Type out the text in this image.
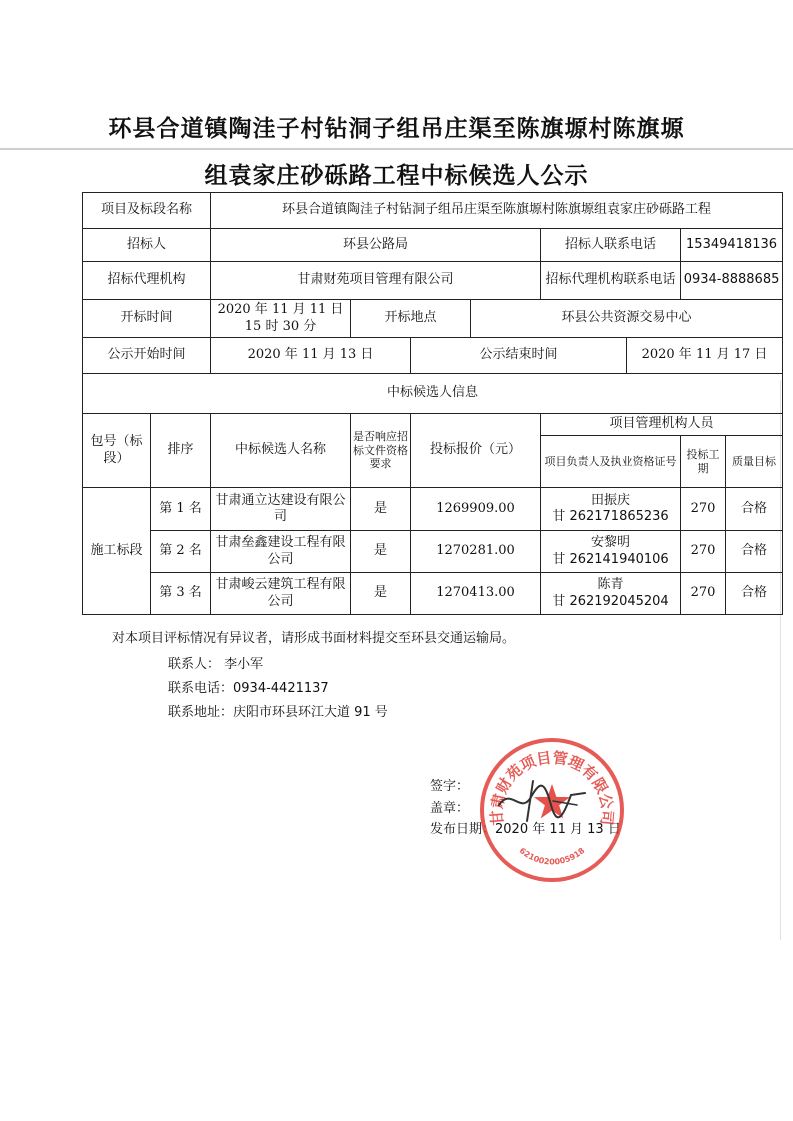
环县合道镇陶洼子村钻洞子组吊庄渠至陈旗塬村陈旗塬
组袁家庄砂砾路工程中标候选人公示
项目及标段名称		环县合道镇陶洼子村钻洞子组吊庄渠至陈旗塬村陈旗塬组袁家庄砂砾路工程							
招标人		环县公路局				招标人联系电话		15349418136	
招标代理机构		甘肃财苑项目管理有限公司				招标代理机构联系电话		0934-8888685	
开标时间		2020 年 11 月 11 日
15 时 30 分	开标地点		环县公共资源交易中心				
公示开始时间		2020 年 11 月 13 日		公示结束时间			2020 年 11 月 17 日		
中标候选人信息									
包号（标段）	排序	中标候选人名称	是否响应招标文件资格要求	投标报价（元）		项目管理机构人员			
						项目负责人及执业资格证号		投标工期	质量目标
施工标段	第 1 名	甘肃通立达建设有限公司	是	1269909.00		田振庆
甘 262171865236		270	合格
	第 2 名	甘肃垒鑫建设工程有限公司	是	1270281.00		安黎明
甘 262141940106		270	合格
	第 3 名	甘肃峻云建筑工程有限公司	是	1270413.00		陈青
甘 262192045204		270	合格

对本项目评标情况有异议者，请形成书面材料提交至环县交通运输局。

联系人： 李小军

联系电话：0934-4421137

联系地址：庆阳市环县环江大道 91 号

签字：

盖章：

发布日期：2020 年 11 月 13 日

甘肃财苑项目管理有限公司
6210020005918
